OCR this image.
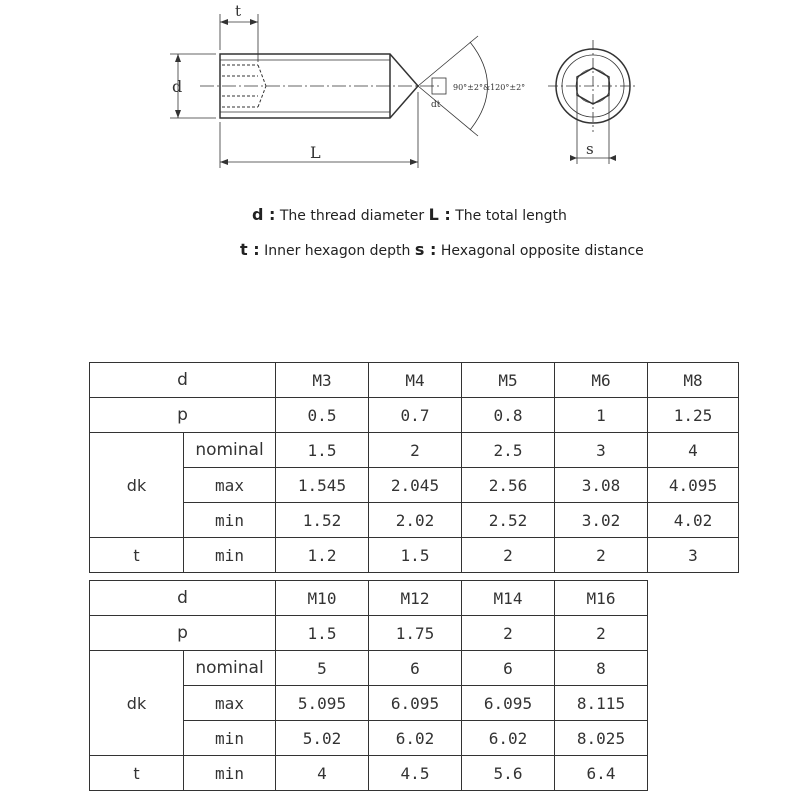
t
d
L
dt
90°±2°&120°±2°
s
d : The thread diameter L : The total length
t : Inner hexagon depth s : Hexagonal opposite distance
d		M3	M4	M5	M6	M8
p		0.5	0.7	0.8	1	1.25
dk	nominal	1.5	2	2.5	3	4
	max	1.545	2.045	2.56	3.08	4.095
	min	1.52	2.02	2.52	3.02	4.02
t	min	1.2	1.5	2	2	3
d		M10	M12	M14	M16
p		1.5	1.75	2	2
dk	nominal	5	6	6	8
	max	5.095	6.095	6.095	8.115
	min	5.02	6.02	6.02	8.025
t	min	4	4.5	5.6	6.4
